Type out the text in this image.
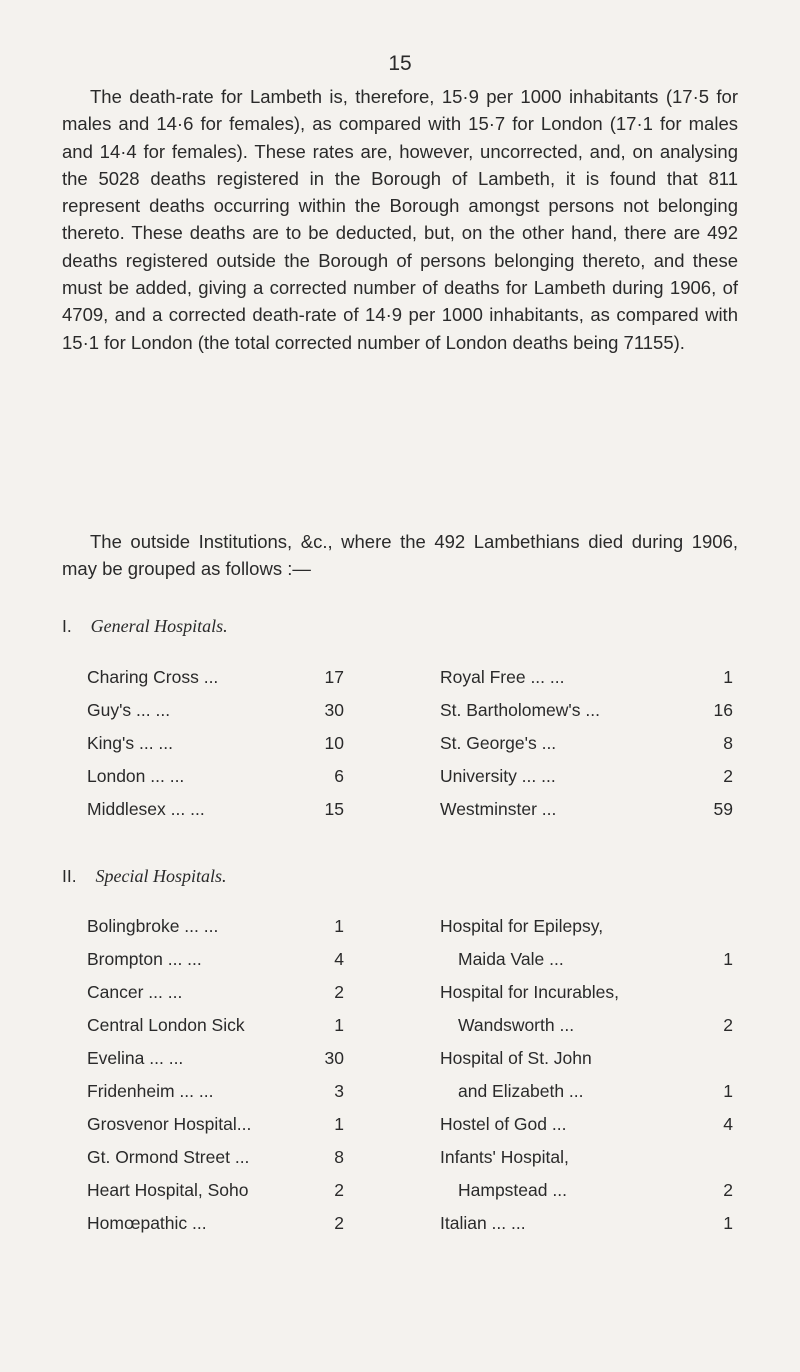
15

The death-rate for Lambeth is, therefore, 15·9 per 1000 inhabitants (17·5 for males and 14·6 for females), as compared with 15·7 for London (17·1 for males and 14·4 for females). These rates are, however, uncorrected, and, on analysing the 5028 deaths registered in the Borough of Lambeth, it is found that 811 represent deaths occurring within the Borough amongst persons not belonging thereto. These deaths are to be deducted, but, on the other hand, there are 492 deaths registered outside the Borough of persons belonging thereto, and these must be added, giving a corrected number of deaths for Lambeth during 1906, of 4709, and a corrected death-rate of 14·9 per 1000 inhabitants, as compared with 15·1 for London (the total corrected number of London deaths being 71155).

The outside Institutions, &c., where the 492 Lambethians died during 1906, may be grouped as follows :—

I. General Hospitals.
Charing Cross ...	17
Guy's ... ...	30
King's ... ...	10
London ... ...	6
Middlesex ... ...	15
Royal Free ... ...	1
St. Bartholomew's ...	16
St. George's ...	8
University ... ...	2
Westminster ...	59
II. Special Hospitals.
Bolingbroke ... ...	1
Brompton ... ...	4
Cancer ... ...	2
Central London Sick	1
Evelina ... ...	30
Fridenheim ... ...	3
Grosvenor Hospital...	1
Gt. Ormond Street ...	8
Heart Hospital, Soho	2
Homœpathic ...	2
Hospital for Epilepsy,
Maida Vale ...	1
Hospital for Incurables,
Wandsworth ...	2
Hospital of St. John
and Elizabeth ...	1
Hostel of God ...	4
Infants' Hospital,
Hampstead ...	2
Italian ... ...	1
